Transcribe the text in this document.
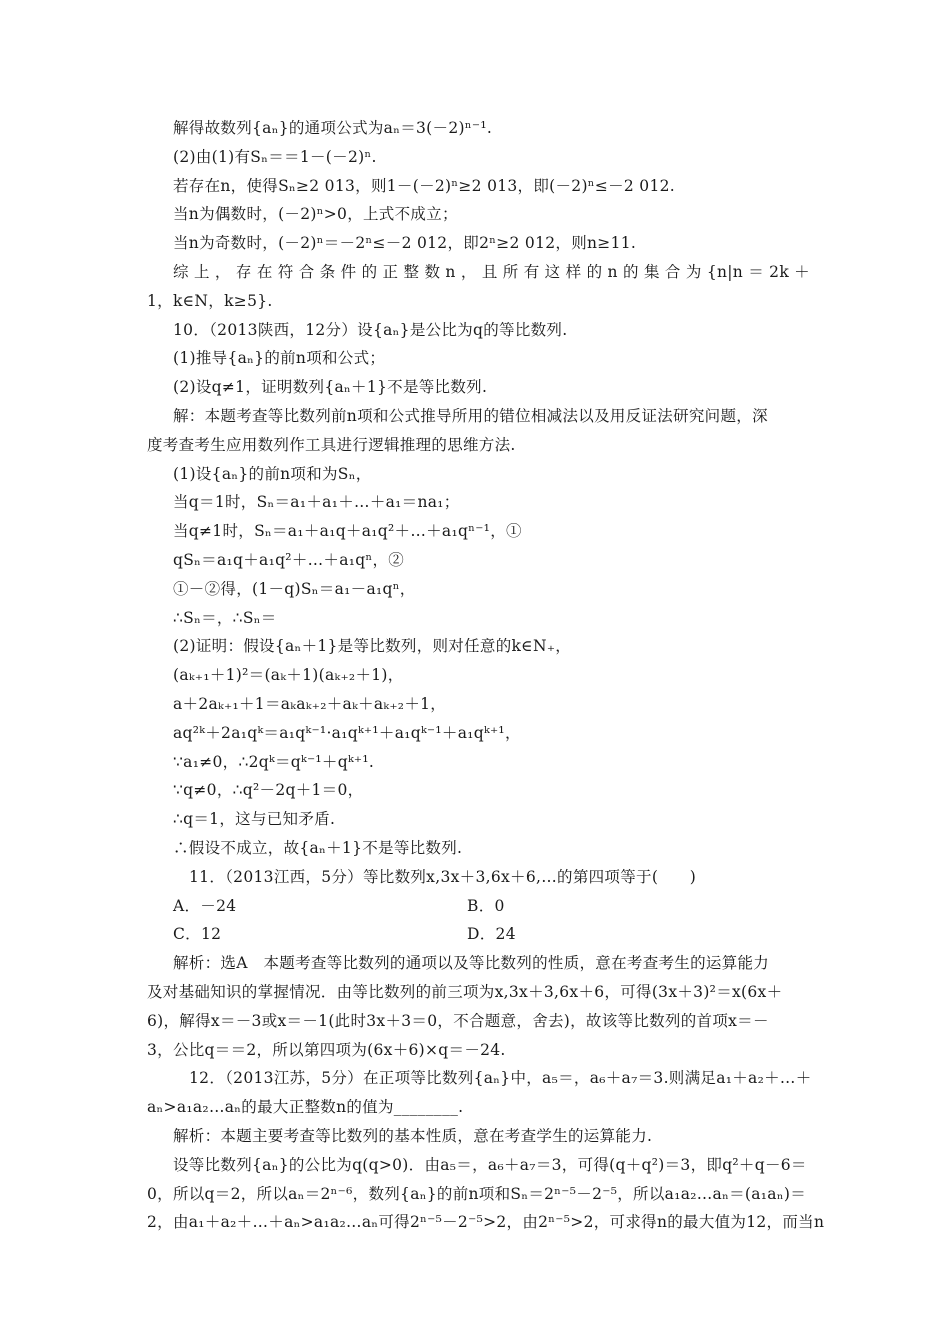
解得故数列{aₙ}的通项公式为aₙ＝3(－2)ⁿ⁻¹.
(2)由(1)有Sₙ＝＝1－(－2)ⁿ.
若存在n，使得Sₙ≥2 013，则1－(－2)ⁿ≥2 013，即(－2)ⁿ≤－2 012.
当n为偶数时，(－2)ⁿ>0，上式不成立；
当n为奇数时，(－2)ⁿ＝－2ⁿ≤－2 012，即2ⁿ≥2 012，则n≥11.
综上，存在符合条件的正整数n，且所有这样的n的集合为{n|n＝2k＋
1，k∈N，k≥5}.
10．（2013陕西，12分）设{aₙ}是公比为q的等比数列.
(1)推导{aₙ}的前n项和公式；
(2)设q≠1，证明数列{aₙ＋1}不是等比数列.
解：本题考查等比数列前n项和公式推导所用的错位相减法以及用反证法研究问题，深
度考查考生应用数列作工具进行逻辑推理的思维方法.
(1)设{aₙ}的前n项和为Sₙ，
当q＝1时，Sₙ＝a₁＋a₁＋…＋a₁＝na₁；
当q≠1时，Sₙ＝a₁＋a₁q＋a₁q²＋…＋a₁qⁿ⁻¹，①
qSₙ＝a₁q＋a₁q²＋…＋a₁qⁿ，②
①－②得，(1－q)Sₙ＝a₁－a₁qⁿ，
∴Sₙ＝，∴Sₙ＝
(2)证明：假设{aₙ＋1}是等比数列，则对任意的k∈N₊，
(aₖ₊₁＋1)²＝(aₖ＋1)(aₖ₊₂＋1)，
a＋2aₖ₊₁＋1＝aₖaₖ₊₂＋aₖ＋aₖ₊₂＋1，
aq²ᵏ＋2a₁qᵏ＝a₁qᵏ⁻¹·a₁qᵏ⁺¹＋a₁qᵏ⁻¹＋a₁qᵏ⁺¹，
∵a₁≠0，∴2qᵏ＝qᵏ⁻¹＋qᵏ⁺¹.
∵q≠0，∴q²－2q＋1＝0，
∴q＝1，这与已知矛盾.
∴假设不成立，故{aₙ＋1}不是等比数列.
11．（2013江西，5分）等比数列x,3x＋3,6x＋6,…的第四项等于(　　)
A．－24	B．0
C．12	D．24
解析：选A　本题考查等比数列的通项以及等比数列的性质，意在考查考生的运算能力
及对基础知识的掌握情况．由等比数列的前三项为x,3x＋3,6x＋6，可得(3x＋3)²＝x(6x＋
6)，解得x＝－3或x＝－1(此时3x＋3＝0，不合题意，舍去)，故该等比数列的首项x＝－
3，公比q＝＝2，所以第四项为(6x＋6)×q＝－24.
12．（2013江苏，5分）在正项等比数列{aₙ}中，a₅＝，a₆＋a₇＝3.则满足a₁＋a₂＋…＋
aₙ>a₁a₂…aₙ的最大正整数n的值为________.
解析：本题主要考查等比数列的基本性质，意在考查学生的运算能力.
设等比数列{aₙ}的公比为q(q>0)．由a₅＝，a₆＋a₇＝3，可得(q＋q²)＝3，即q²＋q－6＝
0，所以q＝2，所以aₙ＝2ⁿ⁻⁶，数列{aₙ}的前n项和Sₙ＝2ⁿ⁻⁵－2⁻⁵，所以a₁a₂…aₙ＝(a₁aₙ)＝
2，由a₁＋a₂＋…＋aₙ>a₁a₂…aₙ可得2ⁿ⁻⁵－2⁻⁵>2，由2ⁿ⁻⁵>2，可求得n的最大值为12，而当n
